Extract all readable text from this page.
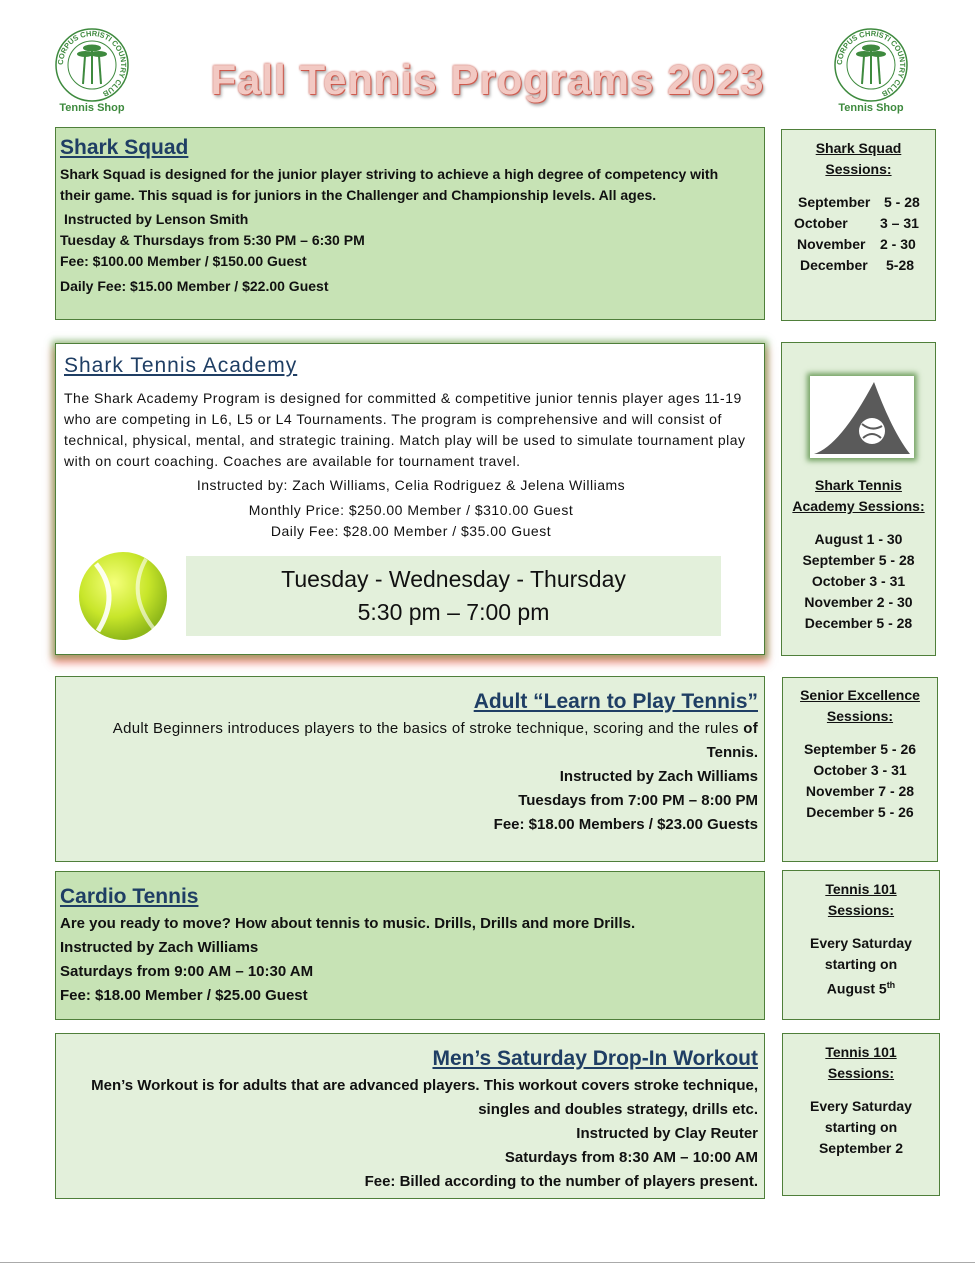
CORPUS CHRISTI COUNTRY CLUB
Tennis Shop
CORPUS CHRISTI COUNTRY CLUB
Tennis Shop
Fall Tennis Programs 2023
Shark Squad
Shark Squad is designed for the junior player striving to achieve a high degree of competency with their game. This squad is for juniors in the Challenger and Championship levels. All ages.
Instructed by Lenson Smith
Tuesday & Thursdays from 5:30 PM – 6:30 PM
Fee: $100.00 Member / $150.00 Guest
Daily Fee: $15.00 Member / $22.00 Guest
Shark Squad
Sessions:
September 5 - 28
October 3 – 31
November 2 - 30
December 5-28
Shark Tennis Academy
The Shark Academy Program is designed for committed & competitive junior tennis player ages 11-19 who are competing in L6, L5 or L4 Tournaments. The program is comprehensive and will consist of technical, physical, mental, and strategic training. Match play will be used to simulate tournament play with on court coaching. Coaches are available for tournament travel.
Instructed by: Zach Williams, Celia Rodriguez & Jelena Williams
Monthly Price: $250.00 Member / $310.00 Guest
Daily Fee: $28.00 Member / $35.00 Guest
Tuesday - Wednesday - Thursday
5:30 pm – 7:00 pm
Shark Tennis
Academy Sessions:
August 1 - 30
September 5 - 28
October 3 - 31
November 2 - 30
December 5 - 28
Adult “Learn to Play Tennis”
Adult Beginners introduces players to the basics of stroke technique, scoring and the rules of
Tennis.
Instructed by Zach Williams
Tuesdays from 7:00 PM – 8:00 PM
Fee: $18.00 Members / $23.00 Guests
Senior Excellence
Sessions:
September 5 - 26
October 3 - 31
November 7 - 28
December 5 - 26
Cardio Tennis
Are you ready to move? How about tennis to music. Drills, Drills and more Drills.
Instructed by Zach Williams
Saturdays from 9:00 AM – 10:30 AM
Fee: $18.00 Member / $25.00 Guest
Tennis 101
Sessions:
Every Saturday
starting on
August 5th
Men’s Saturday Drop-In Workout
Men’s Workout is for adults that are advanced players. This workout covers stroke technique,
singles and doubles strategy, drills etc.
Instructed by Clay Reuter
Saturdays from 8:30 AM – 10:00 AM
Fee: Billed according to the number of players present.
Tennis 101
Sessions:
Every Saturday
starting on
September 2
